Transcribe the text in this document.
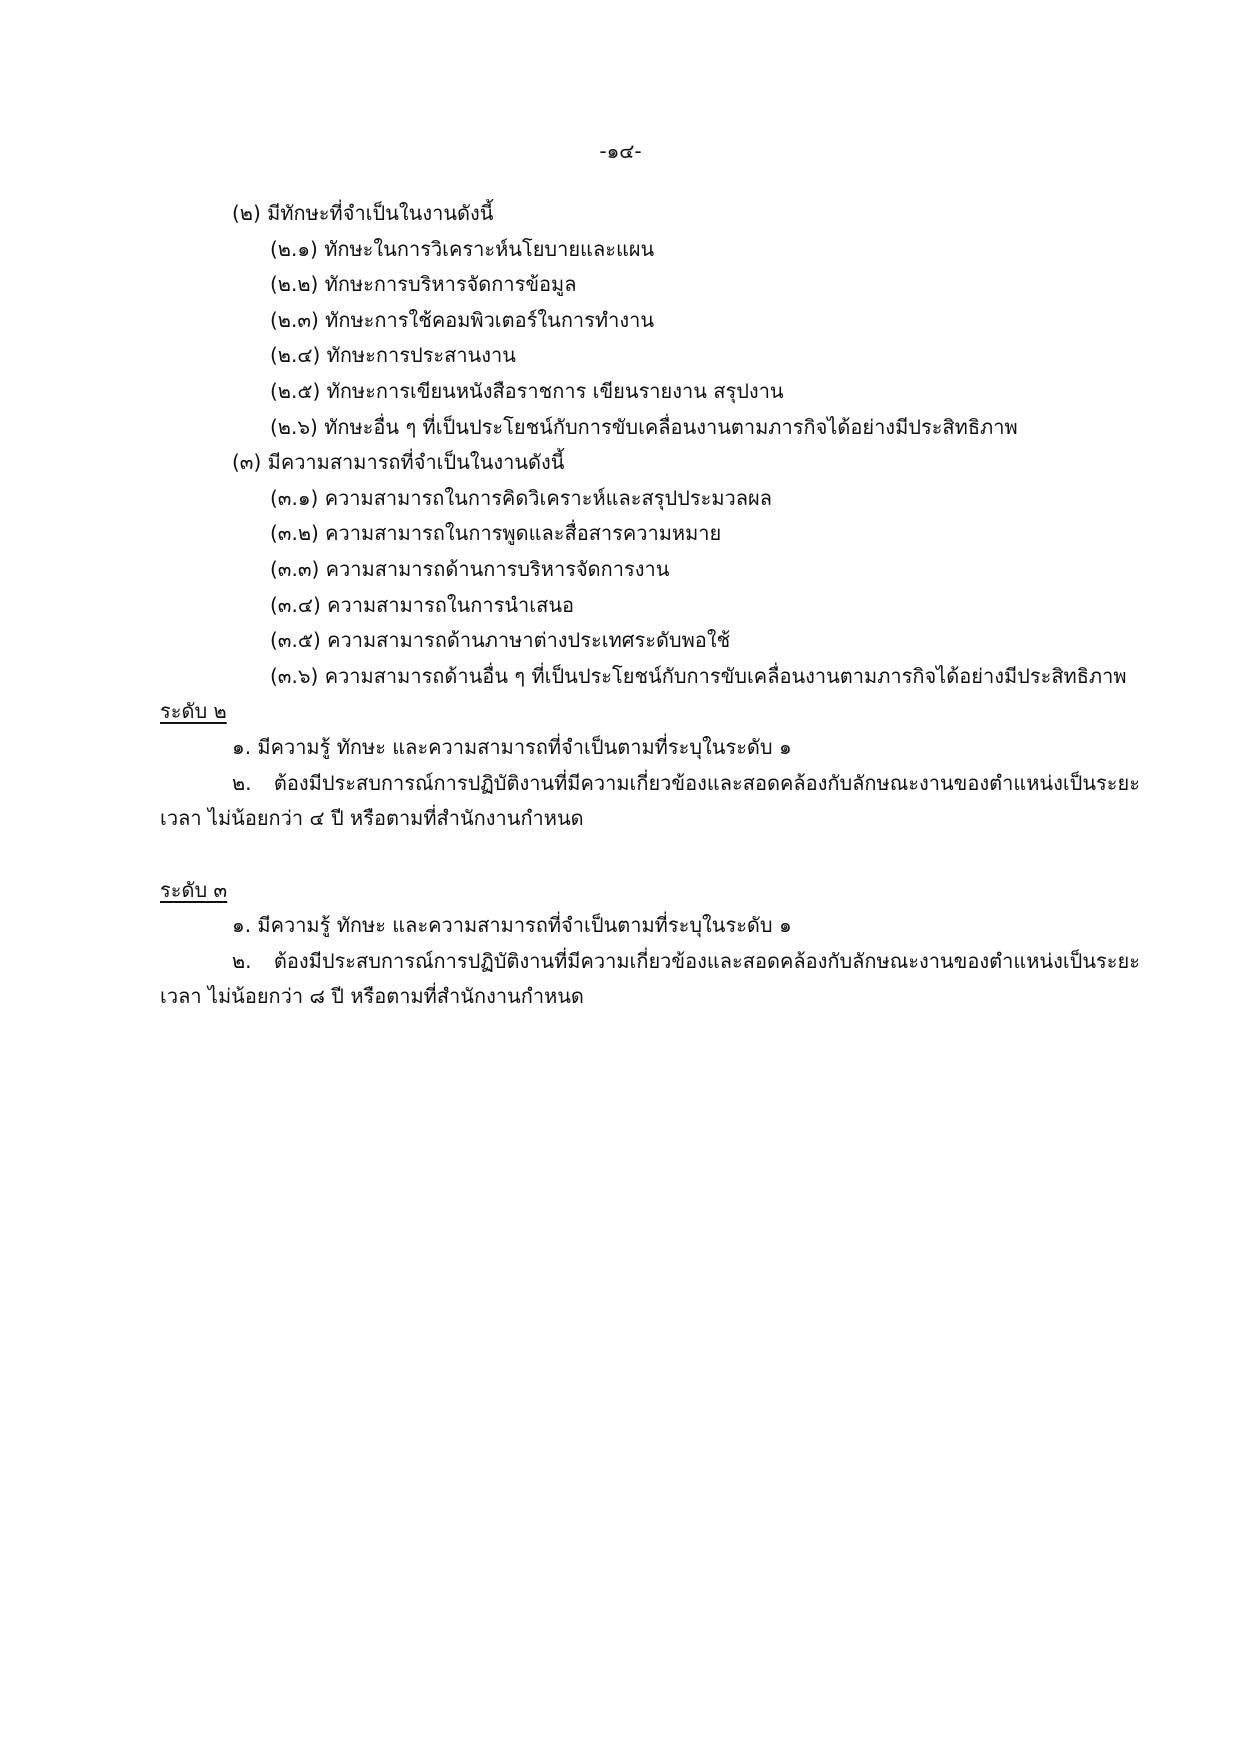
-๑๔-
(๒) มีทักษะที่จำเป็นในงานดังนี้
(๒.๑) ทักษะในการวิเคราะห์นโยบายและแผน
(๒.๒) ทักษะการบริหารจัดการข้อมูล
(๒.๓) ทักษะการใช้คอมพิวเตอร์ในการทำงาน
(๒.๔) ทักษะการประสานงาน
(๒.๕) ทักษะการเขียนหนังสือราชการ เขียนรายงาน สรุปงาน
(๒.๖) ทักษะอื่น ๆ ที่เป็นประโยชน์กับการขับเคลื่อนงานตามภารกิจได้อย่างมีประสิทธิภาพ
(๓) มีความสามารถที่จำเป็นในงานดังนี้
(๓.๑) ความสามารถในการคิดวิเคราะห์และสรุปประมวลผล
(๓.๒) ความสามารถในการพูดและสื่อสารความหมาย
(๓.๓) ความสามารถด้านการบริหารจัดการงาน
(๓.๔) ความสามารถในการนำเสนอ
(๓.๕) ความสามารถด้านภาษาต่างประเทศระดับพอใช้
(๓.๖) ความสามารถด้านอื่น ๆ ที่เป็นประโยชน์กับการขับเคลื่อนงานตามภารกิจได้อย่างมีประสิทธิภาพ
ระดับ ๒
๑. มีความรู้ ทักษะ และความสามารถที่จำเป็นตามที่ระบุในระดับ ๑
๒. ต้องมีประสบการณ์การปฏิบัติงานที่มีความเกี่ยวข้องและสอดคล้องกับลักษณะงานของตำแหน่งเป็นระยะเวลา ไม่น้อยกว่า ๔ ปี หรือตามที่สำนักงานกำหนด
ระดับ ๓
๑. มีความรู้ ทักษะ และความสามารถที่จำเป็นตามที่ระบุในระดับ ๑
๒. ต้องมีประสบการณ์การปฏิบัติงานที่มีความเกี่ยวข้องและสอดคล้องกับลักษณะงานของตำแหน่งเป็นระยะเวลา ไม่น้อยกว่า ๘ ปี หรือตามที่สำนักงานกำหนด
